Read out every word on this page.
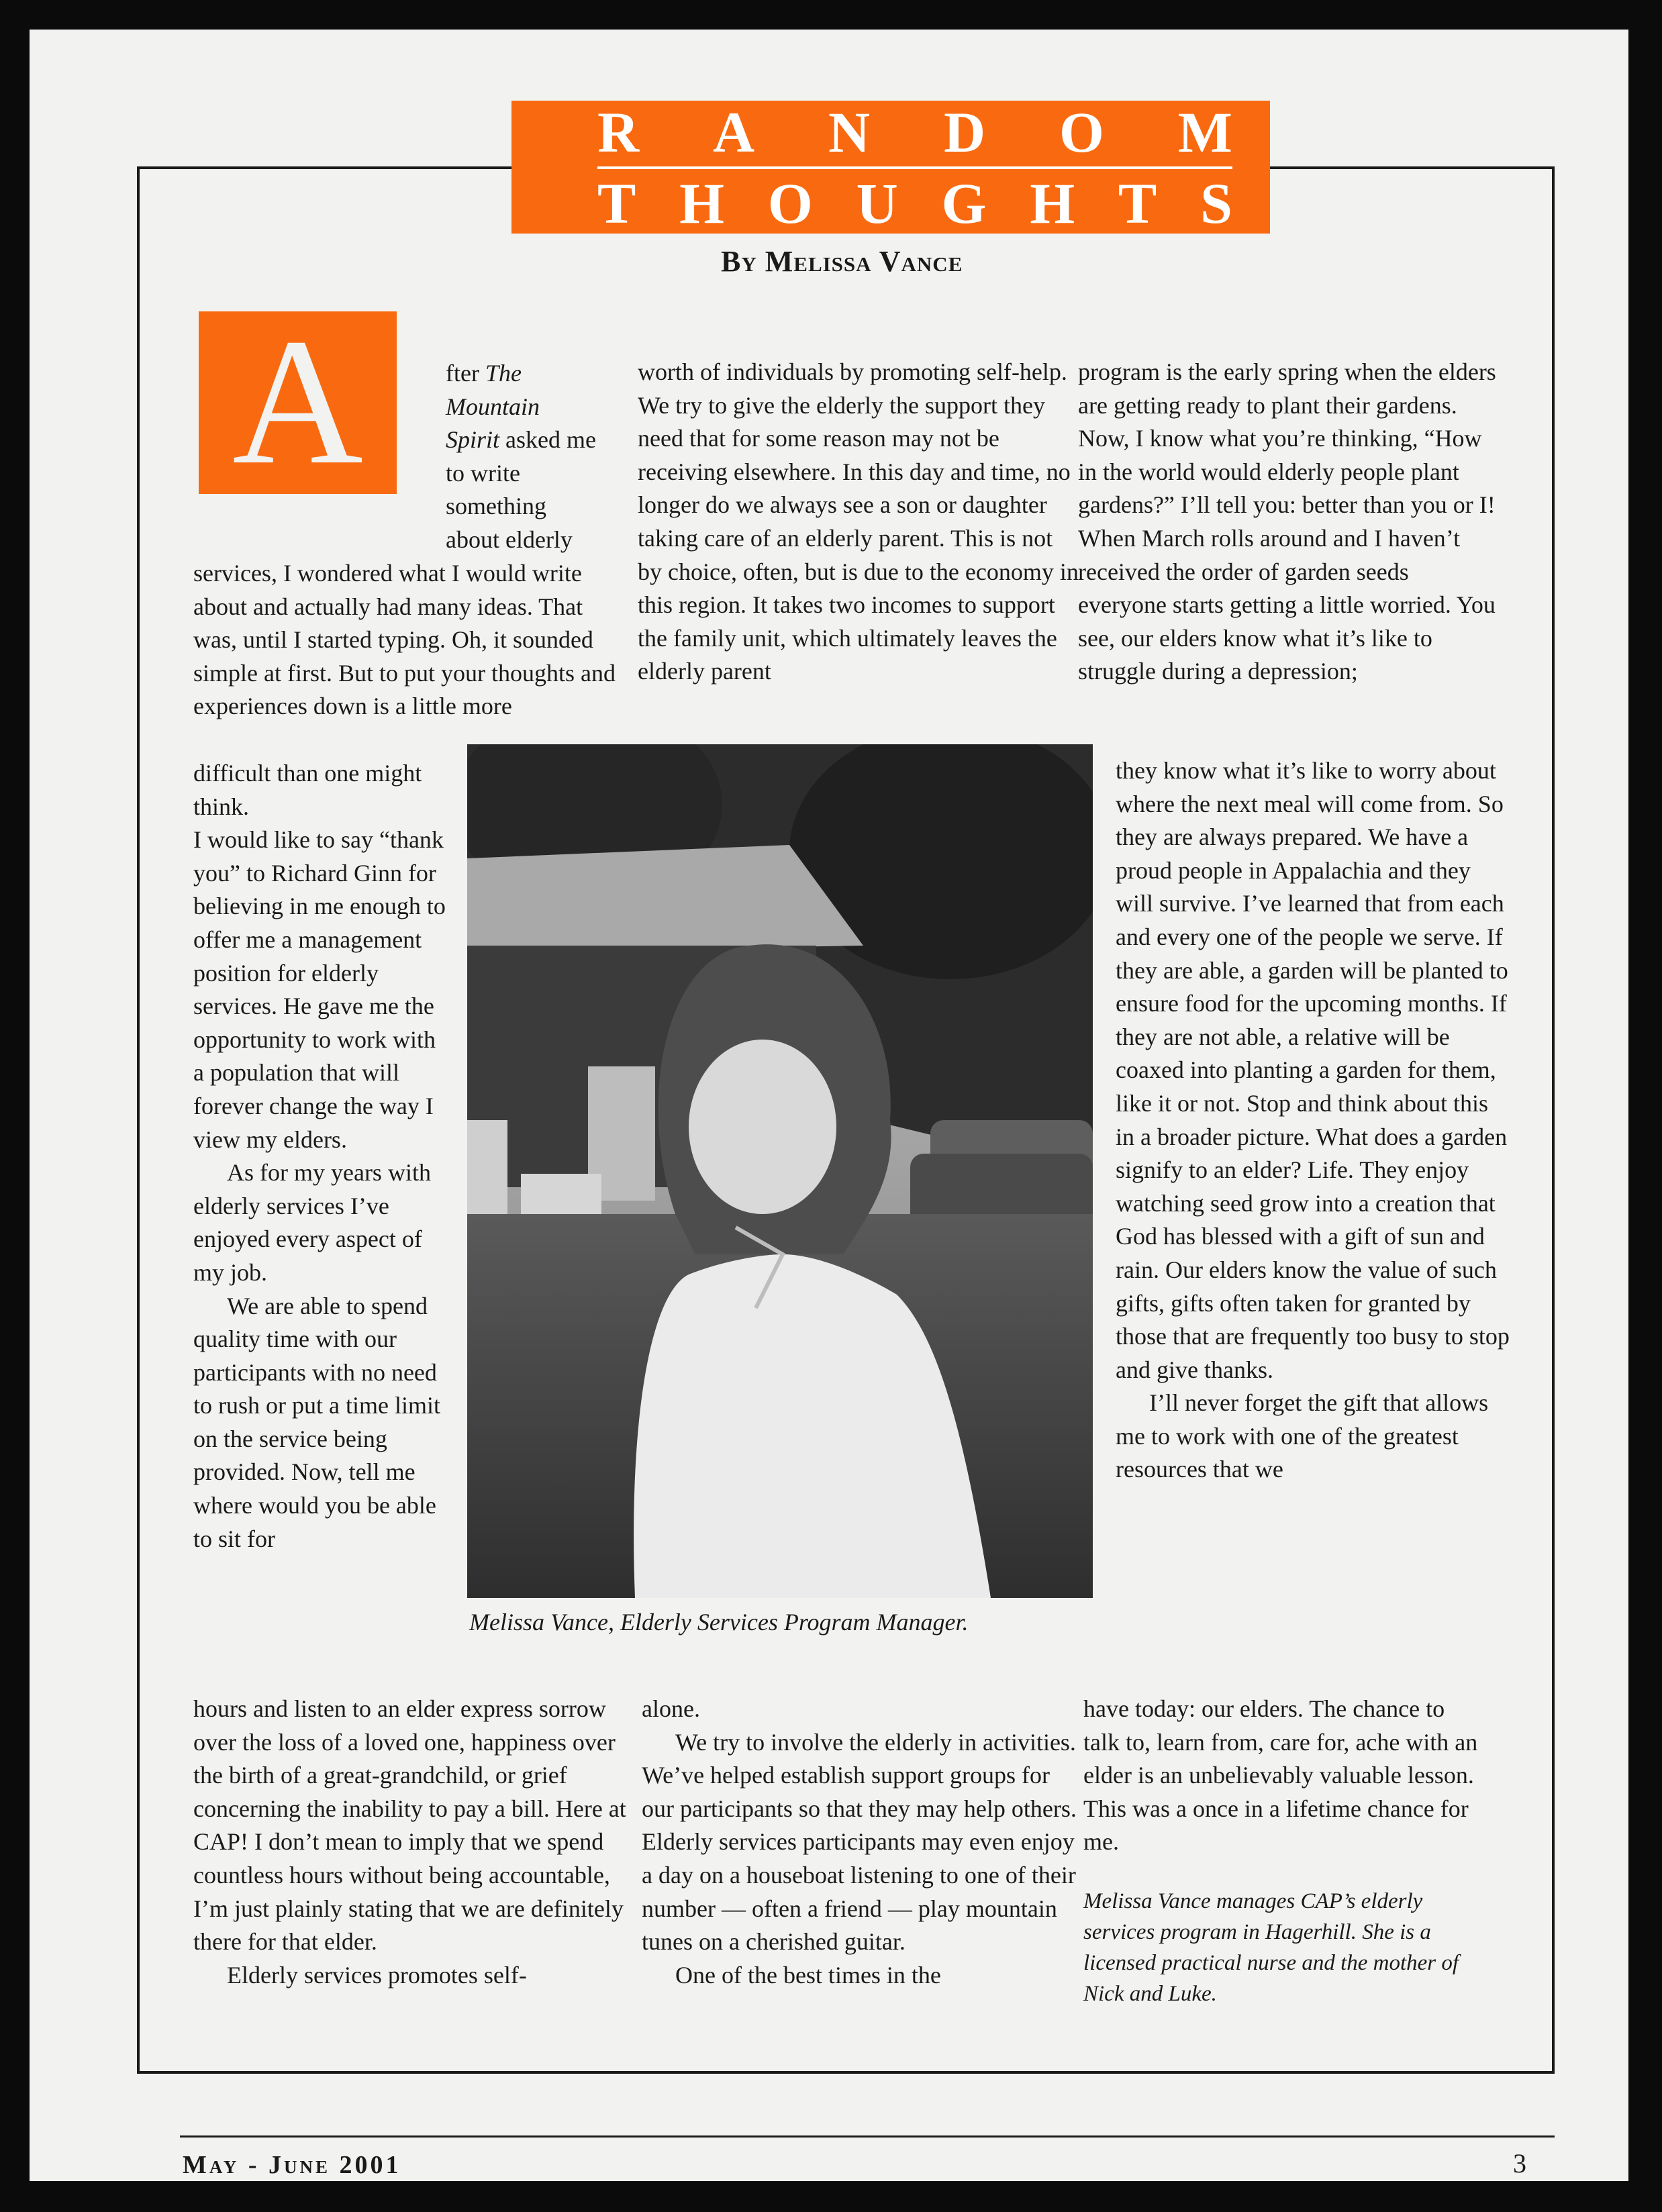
R A N D O M
T H O U G H T S
By Melissa Vance
A	fter The

Mountain

Spirit asked me

to write

something

about elderly

services, I wondered what I would write about and actually had many ideas. That was, until I started typing. Oh, it sounded simple at first. But to put your thoughts and experiences down is a little more

difficult than one might think.

I would like to say “thank you” to Richard Ginn for believing in me enough to offer me a management position for elderly services. He gave me the opportunity to work with a population that will forever change the way I view my elders.

As for my years with elderly services I’ve enjoyed every aspect of my job.

We are able to spend quality time with our participants with no need to rush or put a time limit on the service being provided. Now, tell me where would you be able to sit for

hours and listen to an elder express sorrow over the loss of a loved one, happiness over the birth of a great-grandchild, or grief concerning the inability to pay a bill. Here at CAP! I don’t mean to imply that we spend countless hours without being accountable, I’m just plainly stating that we are definitely there for that elder.

Elderly services promotes self-

worth of individuals by promoting self-help. We try to give the elderly the support they need that for some reason may not be receiving elsewhere. In this day and time, no longer do we always see a son or daughter taking care of an elderly parent. This is not by choice, often, but is due to the economy in this region. It takes two incomes to support the family unit, which ultimately leaves the elderly parent

alone.

We try to involve the elderly in activities. We’ve helped establish support groups for our participants so that they may help others. Elderly services participants may even enjoy a day on a houseboat listening to one of their number — often a friend — play mountain tunes on a cherished guitar.

One of the best times in the

program is the early spring when the elders are getting ready to plant their gardens. Now, I know what you’re thinking, “How in the world would elderly people plant gardens?” I’ll tell you: better than you or I! When March rolls around and I haven’t received the order of garden seeds everyone starts getting a little worried. You see, our elders know what it’s like to struggle during a depression;

they know what it’s like to worry about where the next meal will come from. So they are always prepared. We have a proud people in Appalachia and they will survive. I’ve learned that from each and every one of the people we serve. If they are able, a garden will be planted to ensure food for the upcoming months. If they are not able, a relative will be coaxed into planting a garden for them, like it or not. Stop and think about this in a broader picture. What does a garden signify to an elder? Life. They enjoy watching seed grow into a creation that God has blessed with a gift of sun and rain. Our elders know the value of such gifts, gifts often taken for granted by those that are frequently too busy to stop and give thanks.

I’ll never forget the gift that allows me to work with one of the greatest resources that we

have today: our elders. The chance to talk to, learn from, care for, ache with an elder is an unbelievably valuable lesson. This was a once in a lifetime chance for me.

Melissa Vance manages CAP’s elderly services program in Hagerhill. She is a licensed practical nurse and the mother of Nick and Luke.

Melissa Vance, Elderly Services Program Manager.
May - June 2001	3
